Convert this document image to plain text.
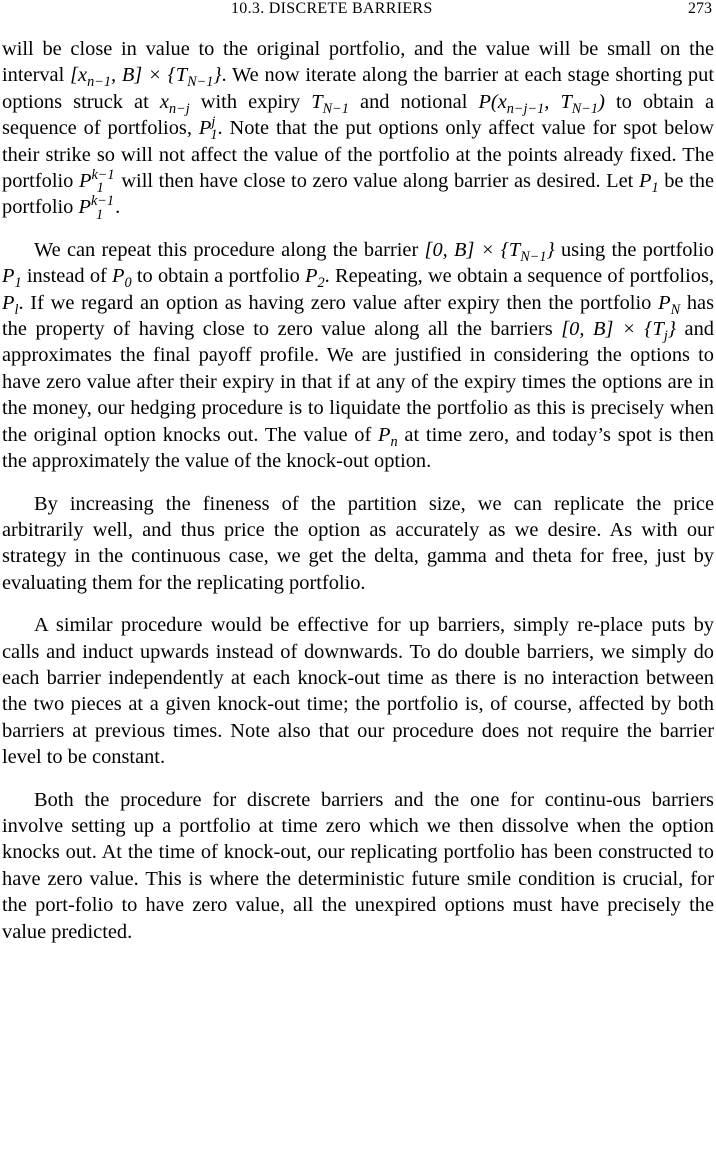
10.3. DISCRETE BARRIERS	273

will be close in value to the original portfolio, and the value will be small on the interval [$x_{n-1}$, $B] \times \{T_{N-1}\}$. We now iterate along the barrier at each stage shorting put options struck at $x_{n-j}$ with expiry $T_{N-1}$ and notional $P(x_{n-j-1}$, $T_{N-1}$) to obtain a sequence of portfolios, $P^j_1$. Note that the put options only affect value for spot below their strike so will not affect the value of the portfolio at the points already fixed. The portfolio $P^{k-1}_1$ will then have close to zero value along barrier as desired. Let $P_1$ be the portfolio $P^{k-1}_1$ .

We can repeat this procedure along the barrier [0, $B] \times \{T_{N-1}\}$ using the portfolio $P_1$ instead of $P_0$ to obtain a portfolio $P_2$. Repeating, we obtain a sequence of portfolios, $P_l$. If we regard an option as having zero value after expiry then the portfolio $P_N$ has the property of having close to zero value along all the barriers [0, $B] \times \{T_j\}$ and approximates the final payoff profile. We are justified in considering the options to have zero value after their expiry in that if at any of the expiry times the options are in the money, our hedging procedure is to liquidate the portfolio as this is precisely when the original option knocks out. The value of $P_n$ at time zero, and today’s spot is then the approximately the value of the knock-out option.

By increasing the fineness of the partition size, we can replicate the price arbitrarily well, and thus price the option as accurately as we desire. As with our strategy in the continuous case, we get the delta, gamma and theta for free, just by evaluating them for the replicating portfolio.

A similar procedure would be effective for up barriers, simply re-place puts by calls and induct upwards instead of downwards. To do double barriers, we simply do each barrier independently at each knock-out time as there is no interaction between the two pieces at a given knock-out time; the portfolio is, of course, affected by both barriers at previous times. Note also that our procedure does not require the barrier level to be constant.

Both the procedure for discrete barriers and the one for continu-ous barriers involve setting up a portfolio at time zero which we then dissolve when the option knocks out. At the time of knock-out, our replicating portfolio has been constructed to have zero value. This is where the deterministic future smile condition is crucial, for the port-folio to have zero value, all the unexpired options must have precisely the value predicted.
